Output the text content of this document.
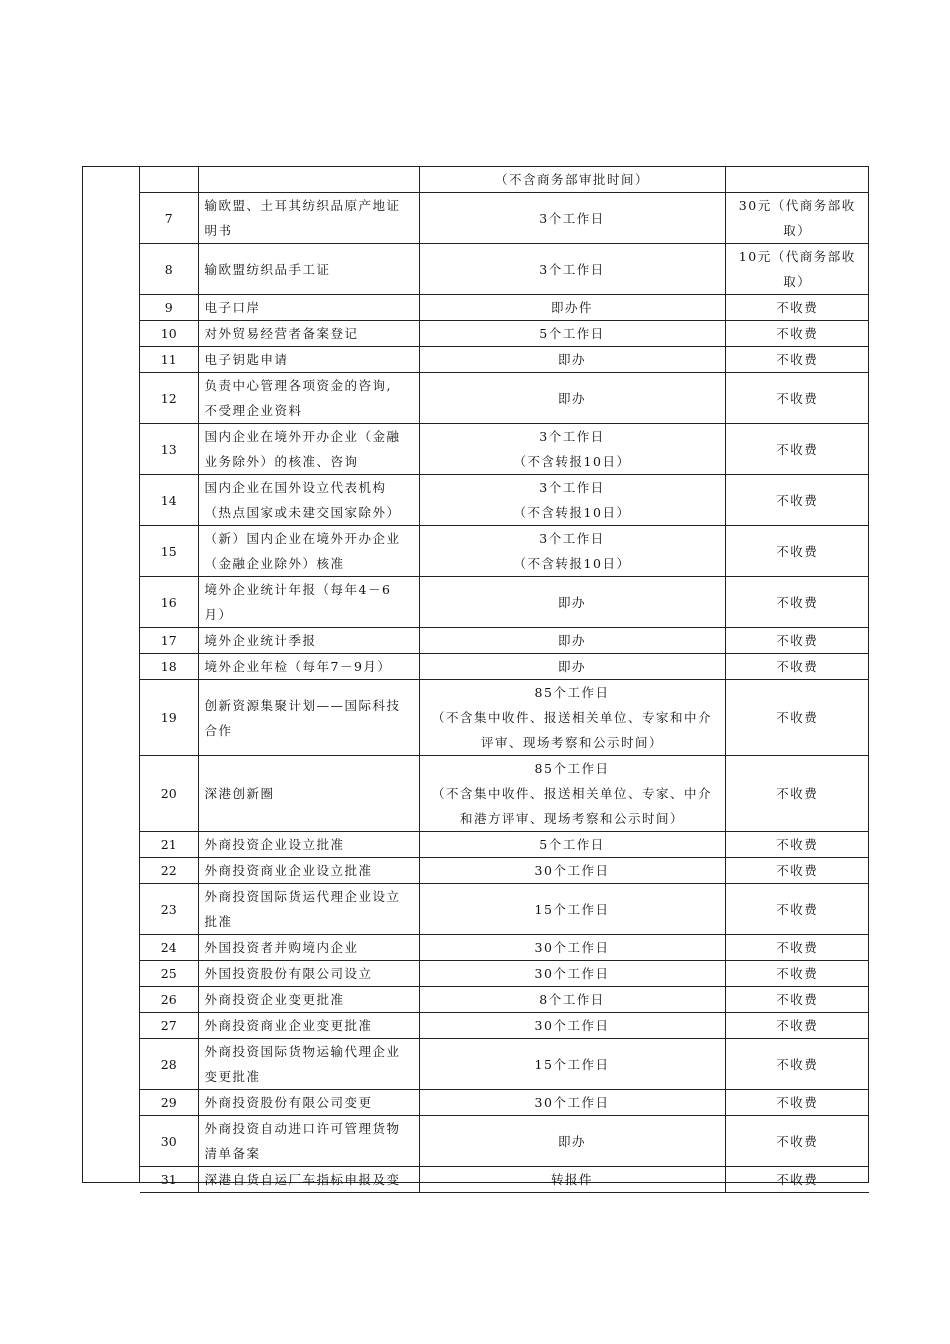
		（不含商务部审批时间）	

7	输欧盟、土耳其纺织品原产地证
明书	3个工作日	30元（代商务部收
取）

8	输欧盟纺织品手工证	3个工作日	10元（代商务部收
取）

9	电子口岸	即办件	不收费

10	对外贸易经营者备案登记	5个工作日	不收费

11	电子钥匙申请	即办	不收费

12	负责中心管理各项资金的咨询,
不受理企业资料	即办	不收费

13	国内企业在境外开办企业（金融
业务除外）的核准、咨询	3个工作日
（不含转报10日）	不收费

14	国内企业在国外设立代表机构
（热点国家或未建交国家除外）	3个工作日
（不含转报10日）	不收费

15	（新）国内企业在境外开办企业
（金融企业除外）核准	3个工作日
（不含转报10日）	不收费

16	境外企业统计年报（每年4－6
月）	即办	不收费

17	境外企业统计季报	即办	不收费

18	境外企业年检（每年7－9月）	即办	不收费

19	创新资源集聚计划——国际科技
合作	85个工作日
（不含集中收件、报送相关单位、专家和中介
评审、现场考察和公示时间）	不收费

20	深港创新圈	85个工作日
（不含集中收件、报送相关单位、专家、中介
和港方评审、现场考察和公示时间）	不收费

21	外商投资企业设立批准	5个工作日	不收费

22	外商投资商业企业设立批准	30个工作日	不收费

23	外商投资国际货运代理企业设立
批准	15个工作日	不收费

24	外国投资者并购境内企业	30个工作日	不收费

25	外国投资股份有限公司设立	30个工作日	不收费

26	外商投资企业变更批准	8个工作日	不收费

27	外商投资商业企业变更批准	30个工作日	不收费

28	外商投资国际货物运输代理企业
变更批准	15个工作日	不收费

29	外商投资股份有限公司变更	30个工作日	不收费

30	外商投资自动进口许可管理货物
清单备案	即办	不收费

31	深港自货自运厂车指标申报及变	转报件	不收费
